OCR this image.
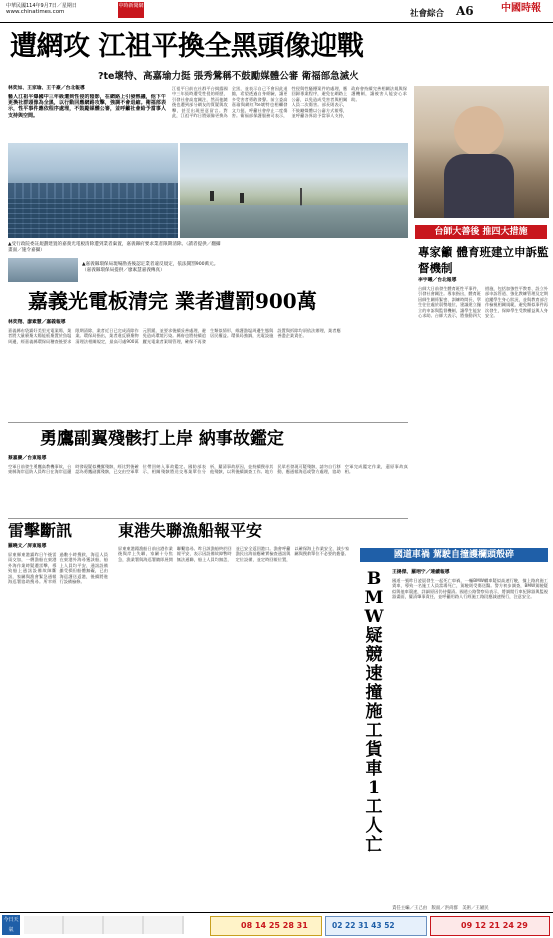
中華民國114年9月7日／星期日
www.chinatimes.com
中時新聞網
社會綜合 A6	中國時報
遭網攻 江祖平換全黑頭像迎戰
?te壞特、高嘉瑜力挺 張秀鶯稱不鼓勵媒體公審 衛福部急滅火
林奕如、王家瑜、王千豪／台北報導
藝人江祖平爆國中三年級遭到性侵的陰影，在網路上引發熱議，他下午更換社群頭像為全黑，以行動回應網路攻擊，強調不會退縮。衛福部表示，性平事件應依程序處理，不鼓勵媒體公審，並呼籲社會給予當事人支持與空間。
江祖平日前在社群平台揭露國中三年級時遭受性侵的經歷，引發社會高度關注，然而他隨後也遭到部分網友的質疑與攻擊，甚至出現惡意留言。對此，江祖平昨日將頭像更換為全黑，並表示自己不會因此退縮，希望透過自身經驗，讓更多受害者勇敢發聲。前立委高嘉瑜與網紅?te壞特也相繼發文力挺，呼籲社會停止二度傷害。衛福部保護服務司表示，性侵與性騷擾案件的處理，應回歸專業程序，避免在網路上公審，以免造成受害者與相關人員二次傷害。部長則表示，不鼓勵媒體以公審方式報導，並呼籲各界給予當事人支持，政府會持續完善相關法規與保護機制，讓被害人能安心求助。
▲受行政院委託規劃建置的嘉義光電板清除遭到業者棄置，嘉義縣府要求業者限期清除。（讀者提供／翻攝畫面／施令嘉攝）
▲嘉義縣環保局現場勘查後認定業者違反規定，依法開罰900萬元。（嘉義縣環保局提供／廖素慧嘉義傳真）
嘉義光電板清完 業者遭罰900萬
林奕翔、廖素慧／嘉義報導
嘉義縣布袋鎮好美里光電案場，業者將大量廢棄太陽能板棄置於魚塭周邊，經嘉義縣環保局稽查後要求限期清除，業者近日已完成清除作業。環保局指出，業者違反廢棄物清理法相關規定，最高可處900萬元罰鍰，並要求後續妥善處理，避免造成環境污染。縣府也將持續追蹤光電業者案場管理，確保不再發生類似情形，維護漁塭周邊生態與居民權益。環保局強調，光電設施設置與拆除均須依法辦理，業者應善盡企業責任。
勇鷹副翼殘骸打上岸 納事故鑑定
蔡嘉慶／台東報導
空軍日前發生勇鷹高教機事故，台東縣海岸巡防人員昨日在海岸巡邏時發現疑似機翼殘骸，經比對後確認為勇鷹副翼殘骸，已交由空軍單位帶回納入事故鑑定。國防部表示，相關殘骸將送交專業單位分析，釐清事故原因，並持續搜尋其他殘骸，以利後續調查工作。地方民眾若發現可疑殘骸，請勿自行移動，應通報海巡或警方處理，協助空軍完成鑑定作業，還原事故真相。
雷擊斷訊
羅曉文／屏東報導
屏東縣東港鎮昨日午後雷雨交加，一艘漁船在東港外海作業時疑遭雷擊，導致船上通訊設備故障斷訊，家屬與漁會緊急通報海巡署協助搜尋。所幸經過數小時搜救，海巡人員在東港外海尋獲該船，船上人員均平安，通訊設備雖受損但船體無礙，已由海巡護送返港，後續將進行設備檢修。
東港失聯漁船報平安
屏東東港籍漁船日前出港作業後與岸上失聯，家屬十分焦急，漁業署與海巡署隨即展開聯繫協尋。昨日該漁船終於回報平安，表示因設備故障暫時無法通聯，船上人員均無恙，並已安全返回港口。漁會呼籲漁民出海前應確實檢查通訊與定位設備，並定時回報位置，以確保海上作業安全，減少家屬與搜救單位不必要的擔憂。
台師大善後 推四大措施
專家籲 體育班建立申訴監督機制
李宇曦／台北報導
台師大日前發生體育班性平事件，引發社會關注。專家指出，體育班因師生關係緊密、訓練時間長，學生往往處於弱勢地位，建議建立獨立的申訴與監督機制，讓學生能安心求助。台師大表示，將推動四大措施，包括加強性平教育、設立外部申訴管道、強化教練管理及定期追蹤學生身心狀況，並與教育部合作檢視相關規範，避免類似事件再次發生，保障學生受教權益與人身安全。
國道車禍 駕駛自撞護欄頭殼碎
BMW疑競速撞施工貨車 1工人亡
王揚傑、羅翊宁／連續報導
國道一號昨日凌晨發生一起死亡車禍，一輛BMW轎車疑似高速行駛，撞上路肩施工貨車，導致一名施工人員當場死亡，駕駛則受傷送醫。警方初步調查，BMW駕駛疑似與他車競速，詳細原因仍待釐清。國道公路警察局表示，將調閱行車紀錄器與監視器畫面，釐清肇事責任，並呼籲用路人行經施工路段應減速慢行，注意安全。
責任主編／王己由　版面／洪尚群　美術／王穎民
今日天氣	08 14 25 28 31	02 22 31 43 52	09 12 21 24 29
